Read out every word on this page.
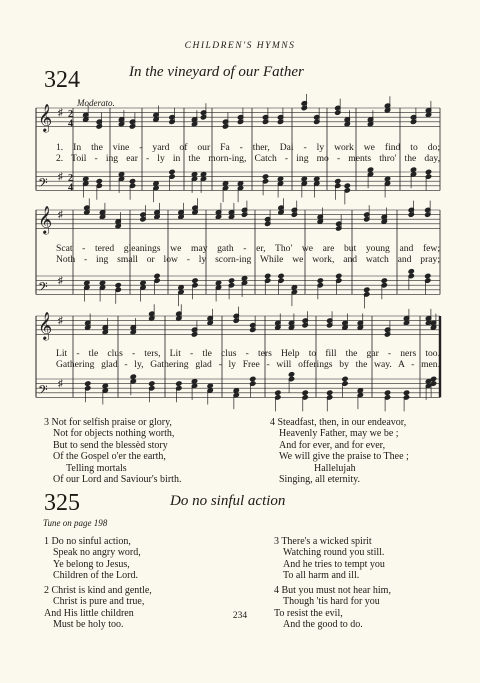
CHILDREN'S HYMNS
324	In the vineyard of our Father
Moderato.
𝄞 ♯ 2
4
𝄢 ♯ 2
4
𝄞 ♯
𝄢 ♯
𝄞 ♯
𝄢 ♯
1. In the vine - yard of our Fa - ther, Dai - ly work we find to do;
2. Toil - ing ear - ly in the morn-ing, Catch - ing mo - ments thro' the day,
Scat - tered gleanings we may gath - er, Tho' we are but young and few;
Noth - ing small or low - ly scorn-ing While we work, and watch and pray;
Lit - tle clus - ters, Lit - tle clus - ters Help to fill the gar - ners too.
Gathering glad - ly, Gathering glad - ly Free - will offerings by the way. A - men.
3 Not for selfish praise or glory,
Not for objects nothing worth,
But to send the blessèd story
Of the Gospel o'er the earth,
Telling mortals
Of our Lord and Saviour's birth.
4 Steadfast, then, in our endeavor,
Heavenly Father, may we be ;
And for ever, and for ever,
We will give the praise to Thee ;
Hallelujah
Singing, all eternity.
325	Do no sinful action
Tune on page 198
1 Do no sinful action,
Speak no angry word,
Ye belong to Jesus,
Children of the Lord.
2 Christ is kind and gentle,
Christ is pure and true,
And His little children
Must be holy too.
3 There's a wicked spirit
Watching round you still.
And he tries to tempt you
To all harm and ill.
4 But you must not hear him,
Though 'tis hard for you
To resist the evil,
And the good to do.
234
